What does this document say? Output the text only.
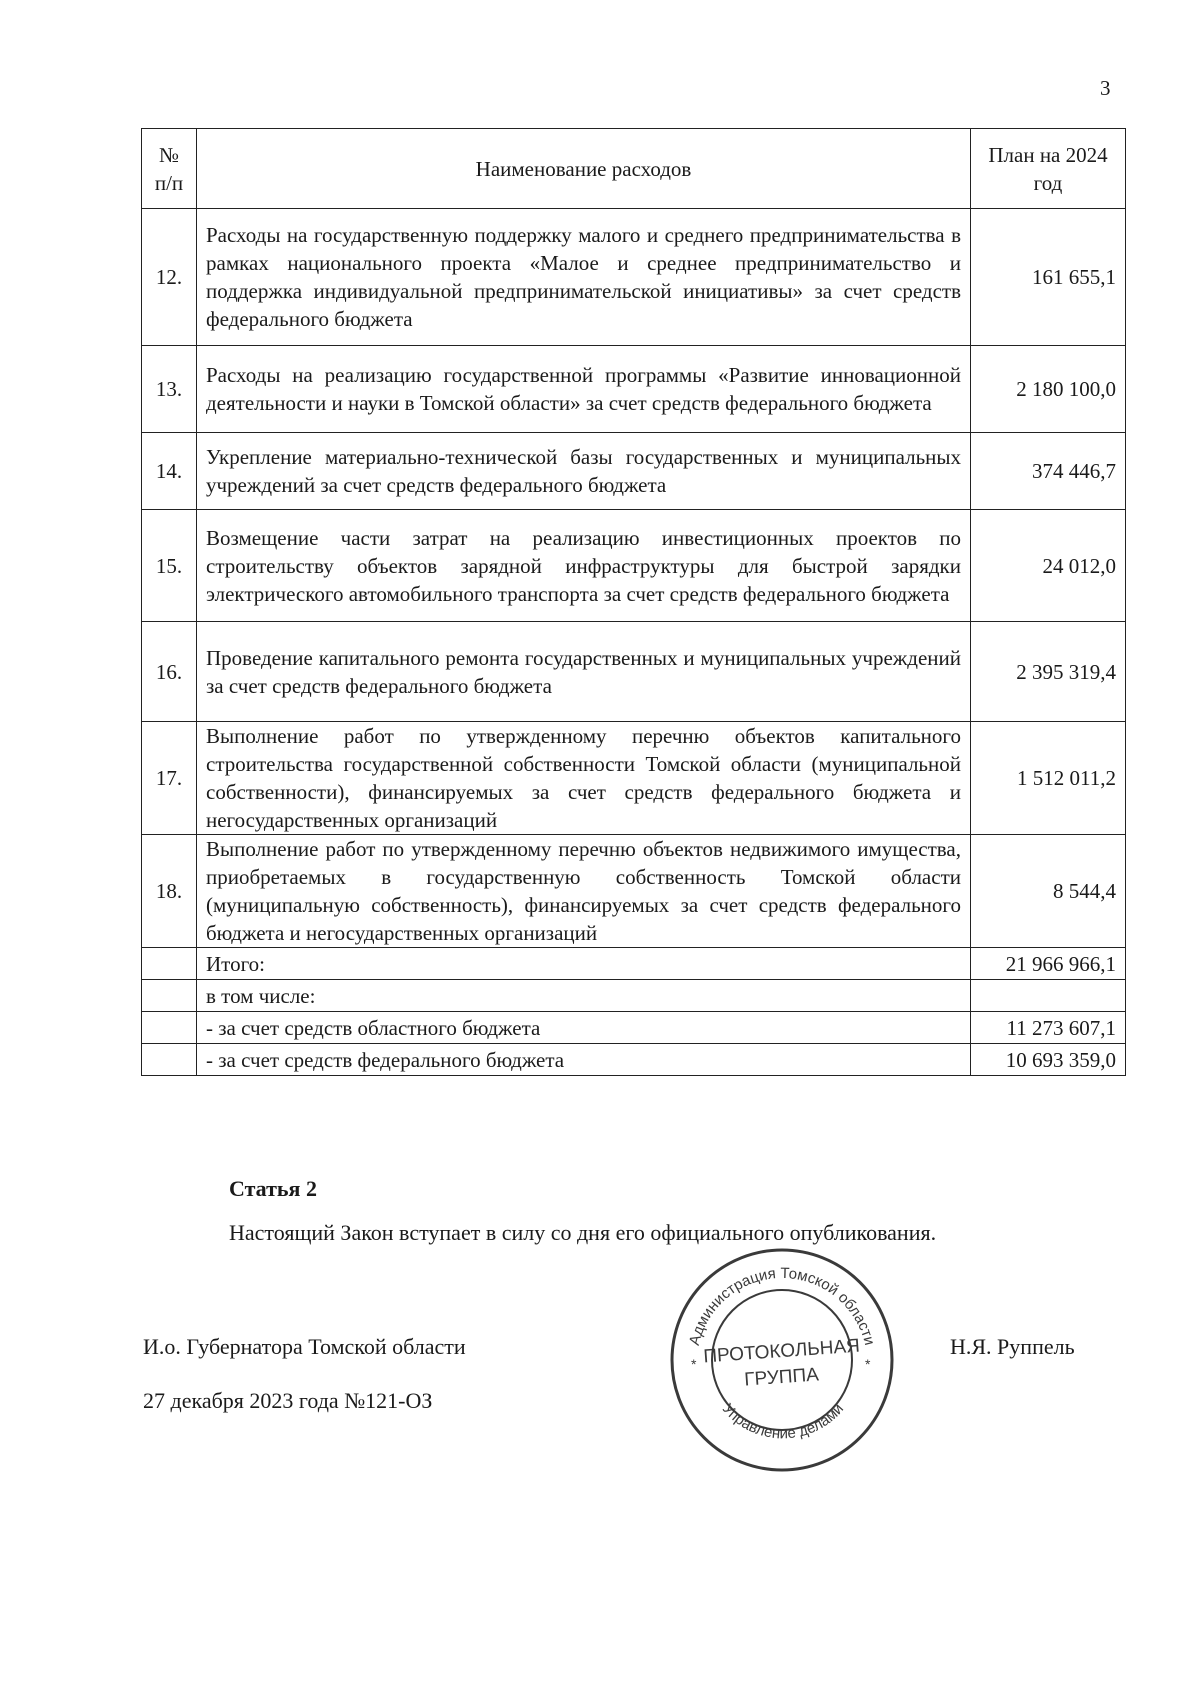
3
№ п/п	Наименование расходов	План на 2024 год
12.	Расходы на государственную поддержку малого и среднего предпринимательства в рамках национального проекта «Малое и среднее предпринимательство и поддержка индивидуальной предпринимательской инициативы» за счет средств федерального бюджета	161 655,1
13.	Расходы на реализацию государственной программы «Развитие инновационной деятельности и науки в Томской области» за счет средств федерального бюджета	2 180 100,0
14.	Укрепление материально-технической базы государственных и муниципальных учреждений за счет средств федерального бюджета	374 446,7
15.	Возмещение части затрат на реализацию инвестиционных проектов по строительству объектов зарядной инфраструктуры для быстрой зарядки электрического автомобильного транспорта за счет средств федерального бюджета	24 012,0
16.	Проведение капитального ремонта государственных и муниципальных учреждений за счет средств федерального бюджета	2 395 319,4
17.	Выполнение работ по утвержденному перечню объектов капитального строительства государственной собственности Томской области (муниципальной собственности), финансируемых за счет средств федерального бюджета и негосударственных организаций	1 512 011,2
18.	Выполнение работ по утвержденному перечню объектов недвижимого имущества, приобретаемых в государственную собственность Томской области (муниципальную собственность), финансируемых за счет средств федерального бюджета и негосударственных организаций	8 544,4
	Итого:	21 966 966,1
	в том числе:	
	- за счет средств областного бюджета	11 273 607,1
	- за счет средств федерального бюджета	10 693 359,0
Статья 2
Настоящий Закон вступает в силу со дня его официального опубликования.
И.о. Губернатора Томской области	Н.Я. Руппель
27 декабря 2023 года №121-ОЗ
Администрация Томской области
Управление делами
*	*
ПРОТОКОЛЬНАЯ
ГРУППА
